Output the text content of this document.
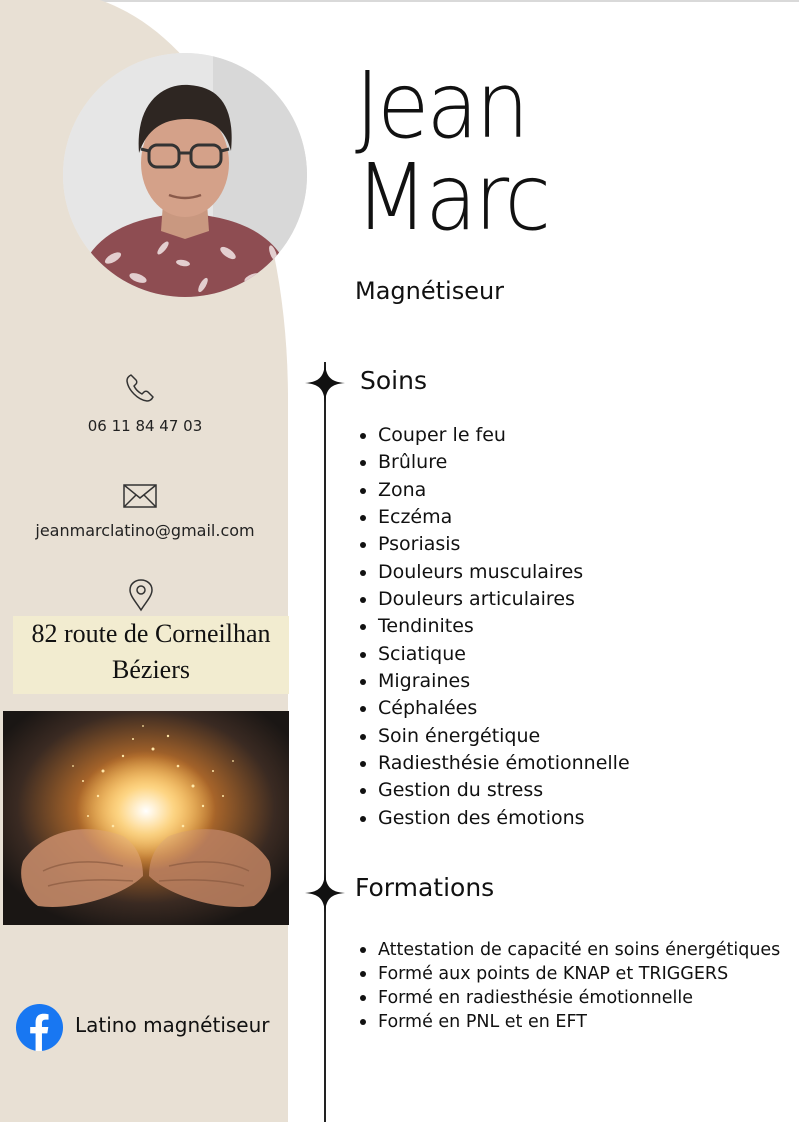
06 11 84 47 03
jeanmarclatino@gmail.com
82 route de Corneilhan
Béziers
Latino magnétiseur
Jean
Marc
Magnétiseur
Soins
Couper le feu
Brûlure
Zona
Eczéma
Psoriasis
Douleurs musculaires
Douleurs articulaires
Tendinites
Sciatique
Migraines
Céphalées
Soin énergétique
Radiesthésie émotionnelle
Gestion du stress
Gestion des émotions
Formations
Attestation de capacité en soins énergétiques
Formé aux points de KNAP et TRIGGERS
Formé en radiesthésie émotionnelle
Formé en PNL et en EFT
